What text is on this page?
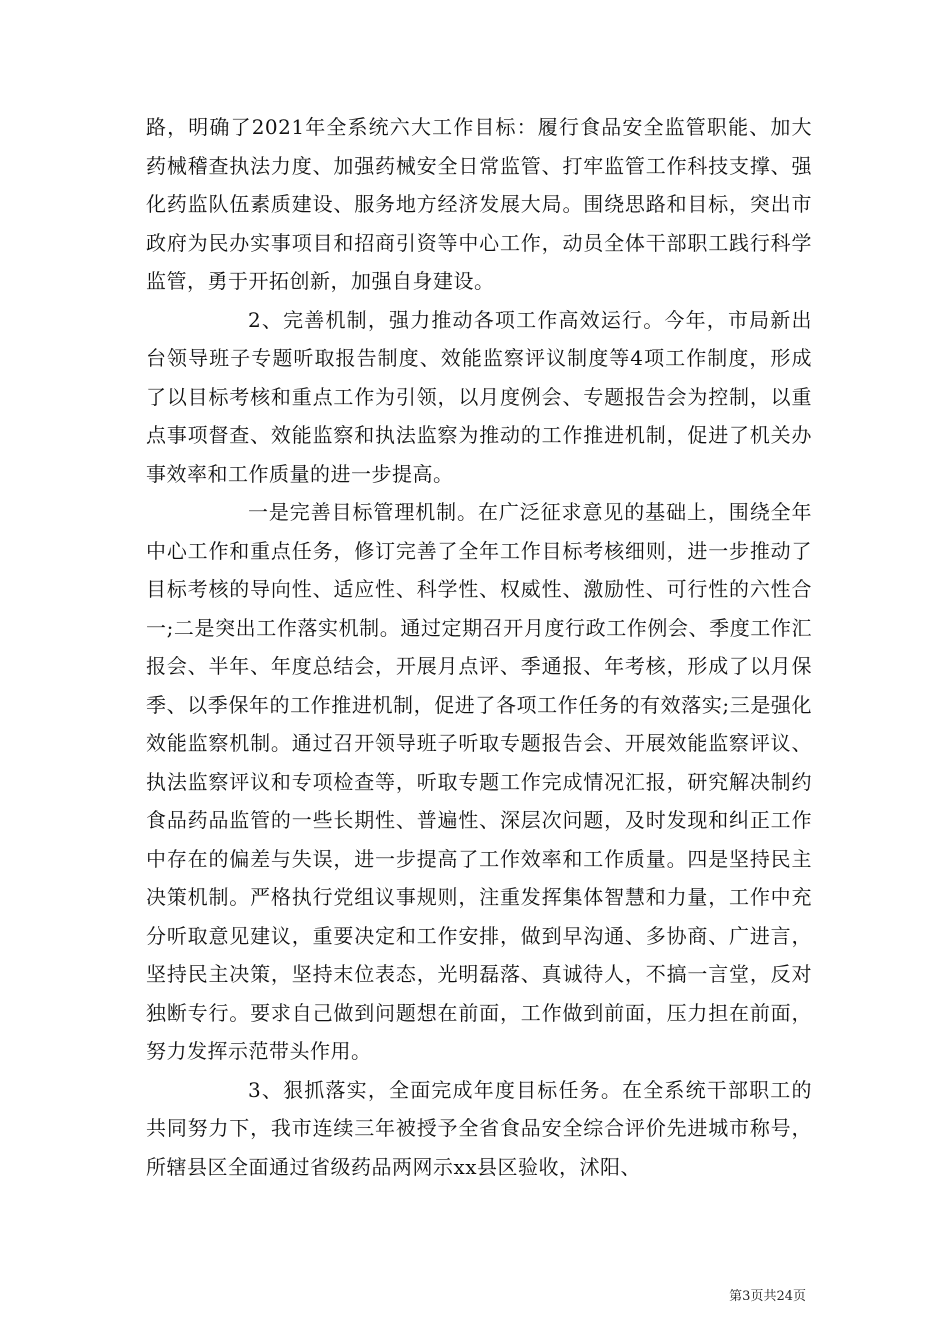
路，明确了2021年全系统六大工作目标：履行食品安全监管职能、加大药械稽查执法力度、加强药械安全日常监管、打牢监管工作科技支撑、强化药监队伍素质建设、服务地方经济发展大局。围绕思路和目标，突出市政府为民办实事项目和招商引资等中心工作，动员全体干部职工践行科学监管，勇于开拓创新，加强自身建设。

2、完善机制，强力推动各项工作高效运行。今年，市局新出台领导班子专题听取报告制度、效能监察评议制度等4项工作制度，形成了以目标考核和重点工作为引领，以月度例会、专题报告会为控制，以重点事项督查、效能监察和执法监察为推动的工作推进机制，促进了机关办事效率和工作质量的进一步提高。

一是完善目标管理机制。在广泛征求意见的基础上，围绕全年中心工作和重点任务，修订完善了全年工作目标考核细则，进一步推动了目标考核的导向性、适应性、科学性、权威性、激励性、可行性的六性合一;二是突出工作落实机制。通过定期召开月度行政工作例会、季度工作汇报会、半年、年度总结会，开展月点评、季通报、年考核，形成了以月保季、以季保年的工作推进机制，促进了各项工作任务的有效落实;三是强化效能监察机制。通过召开领导班子听取专题报告会、开展效能监察评议、执法监察评议和专项检查等，听取专题工作完成情况汇报，研究解决制约食品药品监管的一些长期性、普遍性、深层次问题，及时发现和纠正工作中存在的偏差与失误，进一步提高了工作效率和工作质量。四是坚持民主决策机制。严格执行党组议事规则，注重发挥集体智慧和力量，工作中充分听取意见建议，重要决定和工作安排，做到早沟通、多协商、广进言，坚持民主决策，坚持末位表态，光明磊落、真诚待人，不搞一言堂，反对独断专行。要求自己做到问题想在前面，工作做到前面，压力担在前面，努力发挥示范带头作用。

3、狠抓落实，全面完成年度目标任务。在全系统干部职工的共同努力下，我市连续三年被授予全省食品安全综合评价先进城市称号，所辖县区全面通过省级药品两网示xx县区验收，沭阳、

第3页共24页
